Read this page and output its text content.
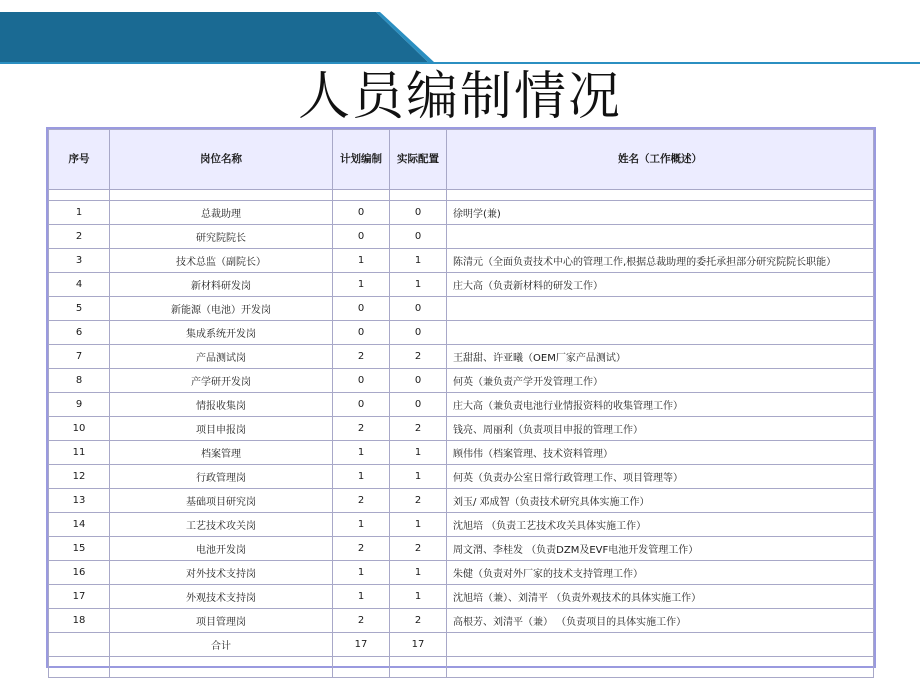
人员编制情况
序号	岗位名称	计划编制	实际配置	姓名（工作概述）

1	总裁助理	0	0	徐明学(兼)
2	研究院院长	0	0	
3	技术总监（副院长）	1	1	陈清元（全面负责技术中心的管理工作,根据总裁助理的委托承担部分研究院院长职能）
4	新材料研发岗	1	1	庄大高（负责新材料的研发工作）
5	新能源（电池）开发岗	0	0	
6	集成系统开发岗	0	0	
7	产品测试岗	2	2	王甜甜、许亚曦（OEM厂家产品测试）
8	产学研开发岗	0	0	何英（兼负责产学开发管理工作）
9	情报收集岗	0	0	庄大高（兼负责电池行业情报资料的收集管理工作）
10	项目申报岗	2	2	钱亮、周丽利（负责项目申报的管理工作）
11	档案管理	1	1	顾伟伟（档案管理、技术资料管理）
12	行政管理岗	1	1	何英（负责办公室日常行政管理工作、项目管理等）
13	基础项目研究岗	2	2	刘玉/ 邓成智（负责技术研究具体实施工作）
14	工艺技术攻关岗	1	1	沈旭培 （负责工艺技术攻关具体实施工作）
15	电池开发岗	2	2	周文渭、李桂发 （负责DZM及EVF电池开发管理工作）
16	对外技术支持岗	1	1	朱健（负责对外厂家的技术支持管理工作）
17	外观技术支持岗	1	1	沈旭培（兼）、刘清平 （负责外观技术的具体实施工作）
18	项目管理岗	2	2	高根芳、刘清平（兼） （负责项目的具体实施工作）
	合计	17	17	
